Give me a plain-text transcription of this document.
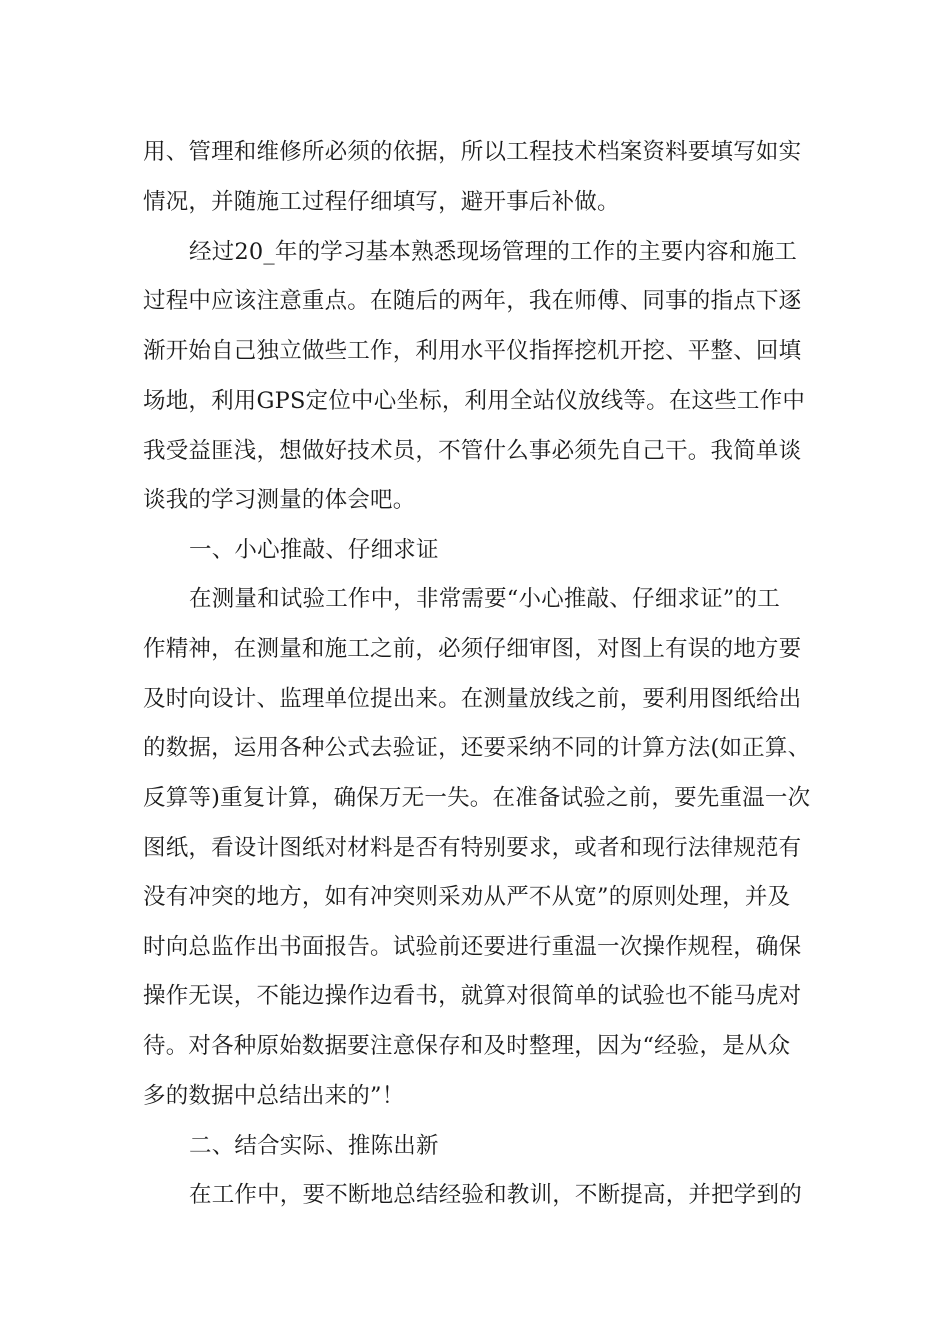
用、管理和维修所必须的依据，所以工程技术档案资料要填写如实
情况，并随施工过程仔细填写，避开事后补做。
经过20_年的学习基本熟悉现场管理的工作的主要内容和施工
过程中应该注意重点。在随后的两年，我在师傅、同事的指点下逐
渐开始自己独立做些工作，利用水平仪指挥挖机开挖、平整、回填
场地，利用GPS定位中心坐标，利用全站仪放线等。在这些工作中
我受益匪浅，想做好技术员，不管什么事必须先自己干。我简单谈
谈我的学习测量的体会吧。
一、小心推敲、仔细求证
在测量和试验工作中，非常需要“小心推敲、仔细求证”的工
作精神，在测量和施工之前，必须仔细审图，对图上有误的地方要
及时向设计、监理单位提出来。在测量放线之前，要利用图纸给出
的数据，运用各种公式去验证，还要采纳不同的计算方法(如正算、
反算等)重复计算，确保万无一失。在准备试验之前，要先重温一次
图纸，看设计图纸对材料是否有特别要求，或者和现行法律规范有
没有冲突的地方，如有冲突则采劝从严不从宽”的原则处理，并及
时向总监作出书面报告。试验前还要进行重温一次操作规程，确保
操作无误，不能边操作边看书，就算对很简单的试验也不能马虎对
待。对各种原始数据要注意保存和及时整理，因为“经验，是从众
多的数据中总结出来的”！
二、结合实际、推陈出新
在工作中，要不断地总结经验和教训，不断提高，并把学到的
